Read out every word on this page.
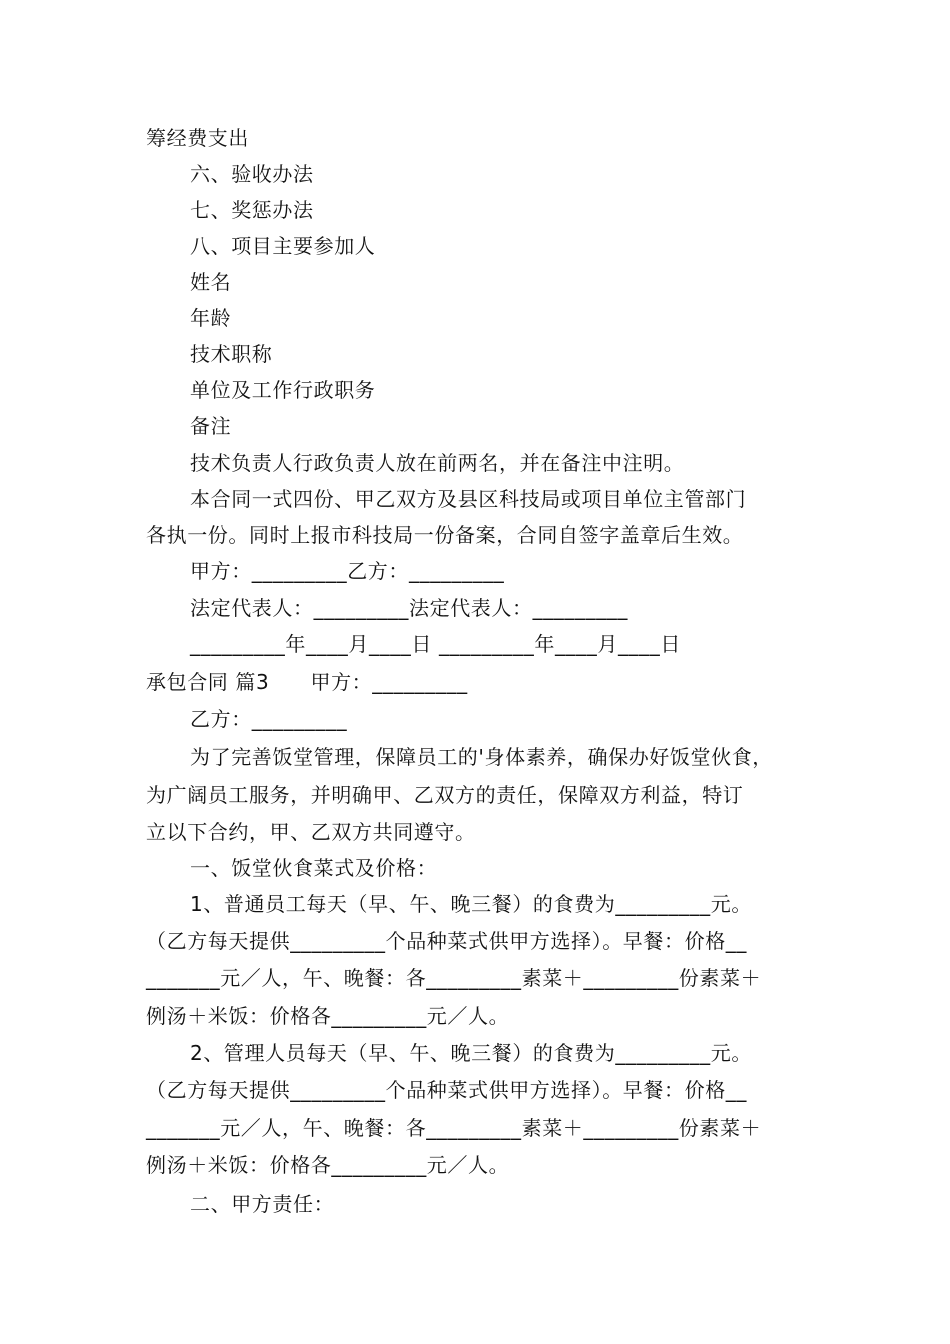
筹经费支出
六、验收办法
七、奖惩办法
八、项目主要参加人
姓名
年龄
技术职称
单位及工作行政职务
备注
技术负责人行政负责人放在前两名，并在备注中注明。
本合同一式四份、甲乙双方及县区科技局或项目单位主管部门
各执一份。同时上报市科技局一份备案，合同自签字盖章后生效。
甲方：_________乙方：_________
法定代表人：_________法定代表人：_________
_________年____月____日 _________年____月____日
承包合同 篇3　　甲方：_________
乙方：_________
为了完善饭堂管理，保障员工的'身体素养，确保办好饭堂伙食，
为广阔员工服务，并明确甲、乙双方的责任，保障双方利益，特订
立以下合约，甲、乙双方共同遵守。
一、饭堂伙食菜式及价格：
1、普通员工每天（早、午、晚三餐）的食费为_________元。
（乙方每天提供_________个品种菜式供甲方选择）。早餐：价格__
_______元／人，午、晚餐：各_________素菜＋_________份素菜＋
例汤＋米饭：价格各_________元／人。
2、管理人员每天（早、午、晚三餐）的食费为_________元。
（乙方每天提供_________个品种菜式供甲方选择）。早餐：价格__
_______元／人，午、晚餐：各_________素菜＋_________份素菜＋
例汤＋米饭：价格各_________元／人。
二、甲方责任：
